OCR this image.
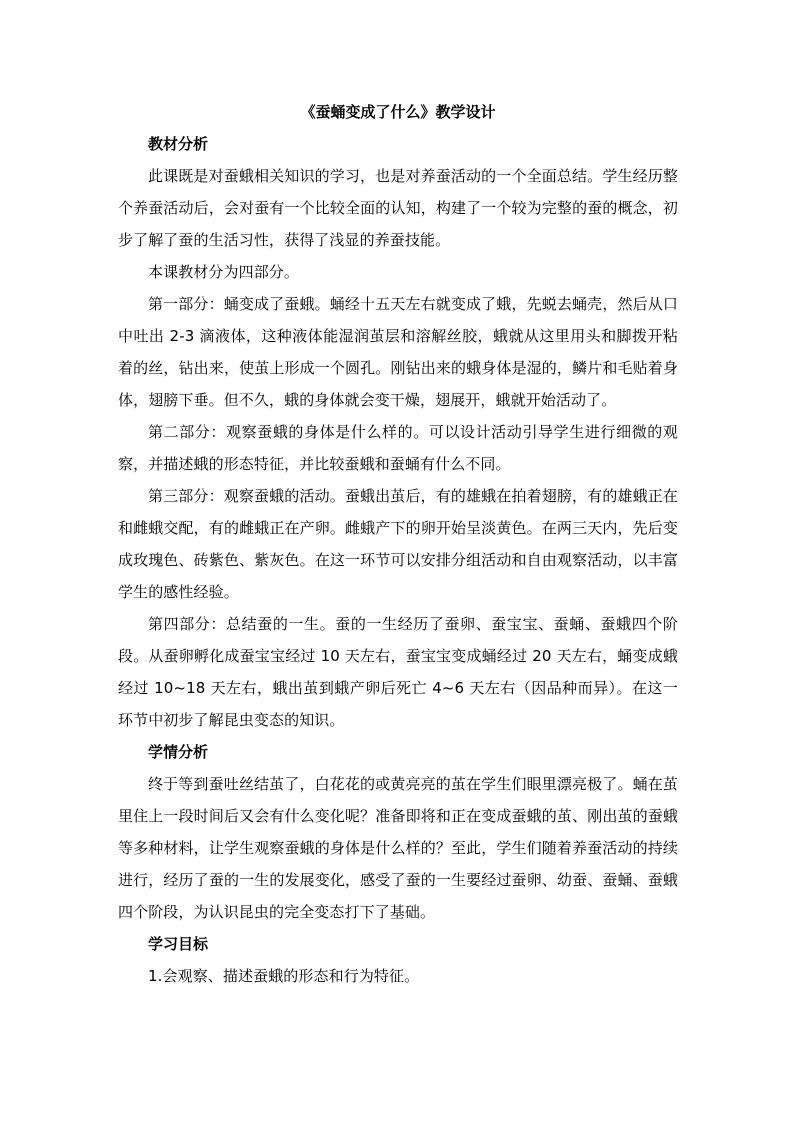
《蚕蛹变成了什么》教学设计

教材分析

此课既是对蚕蛾相关知识的学习，也是对养蚕活动的一个全面总结。学生经历整个养蚕活动后，会对蚕有一个比较全面的认知，构建了一个较为完整的蚕的概念，初步了解了蚕的生活习性，获得了浅显的养蚕技能。

本课教材分为四部分。

第一部分：蛹变成了蚕蛾。蛹经十五天左右就变成了蛾，先蜕去蛹壳，然后从口中吐出 2-3 滴液体，这种液体能湿润茧层和溶解丝胶，蛾就从这里用头和脚拨开粘着的丝，钻出来，使茧上形成一个圆孔。刚钻出来的蛾身体是湿的，鳞片和毛贴着身体，翅膀下垂。但不久，蛾的身体就会变干燥，翅展开，蛾就开始活动了。

第二部分：观察蚕蛾的身体是什么样的。可以设计活动引导学生进行细微的观察，并描述蛾的形态特征，并比较蚕蛾和蚕蛹有什么不同。

第三部分：观察蚕蛾的活动。蚕蛾出茧后，有的雄蛾在拍着翅膀，有的雄蛾正在和雌蛾交配，有的雌蛾正在产卵。雌蛾产下的卵开始呈淡黄色。在两三天内，先后变成玫瑰色、砖紫色、紫灰色。在这一环节可以安排分组活动和自由观察活动，以丰富学生的感性经验。

第四部分：总结蚕的一生。蚕的一生经历了蚕卵、蚕宝宝、蚕蛹、蚕蛾四个阶段。从蚕卵孵化成蚕宝宝经过 10 天左右，蚕宝宝变成蛹经过 20 天左右，蛹变成蛾经过 10~18 天左右，蛾出茧到蛾产卵后死亡 4~6 天左右（因品种而异）。在这一环节中初步了解昆虫变态的知识。

学情分析

终于等到蚕吐丝结茧了，白花花的或黄亮亮的茧在学生们眼里漂亮极了。蛹在茧里住上一段时间后又会有什么变化呢？准备即将和正在变成蚕蛾的茧、刚出茧的蚕蛾等多种材料，让学生观察蚕蛾的身体是什么样的？至此，学生们随着养蚕活动的持续进行，经历了蚕的一生的发展变化，感受了蚕的一生要经过蚕卵、幼蚕、蚕蛹、蚕蛾四个阶段，为认识昆虫的完全变态打下了基础。

学习目标

1.会观察、描述蚕蛾的形态和行为特征。
